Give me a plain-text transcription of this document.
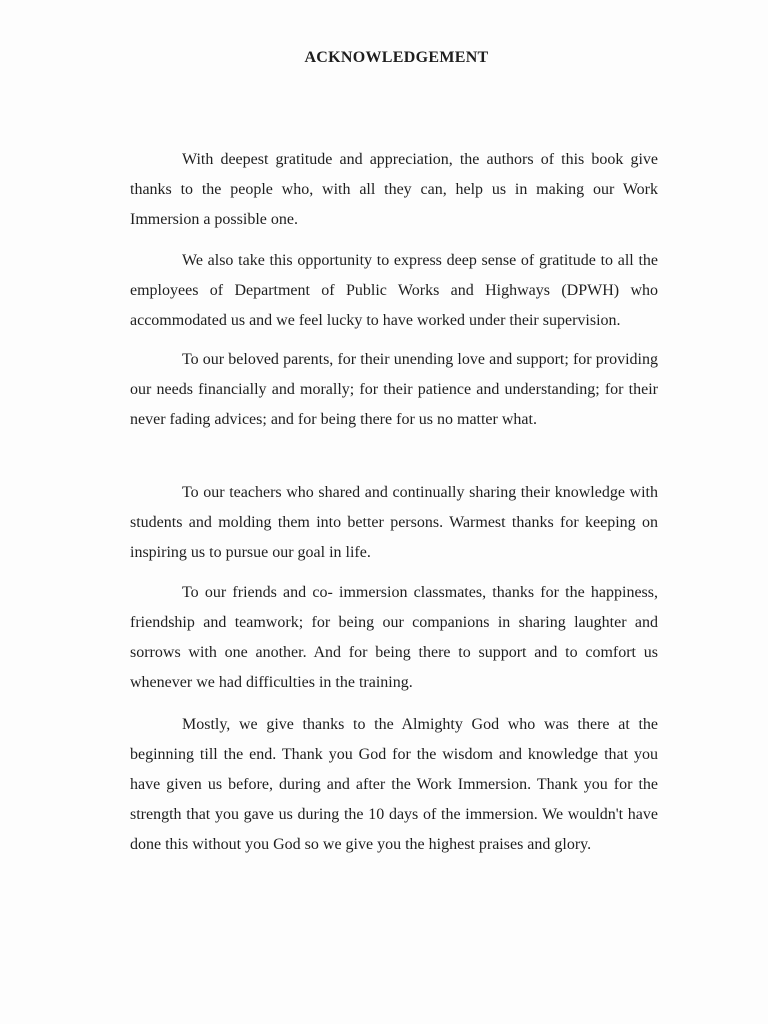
ACKNOWLEDGEMENT

With deepest gratitude and appreciation, the authors of this book give thanks to the people who, with all they can, help us in making our Work Immersion a possible one.

We also take this opportunity to express deep sense of gratitude to all the employees of Department of Public Works and Highways (DPWH) who accommodated us and we feel lucky to have worked under their supervision.

To our beloved parents, for their unending love and support; for providing our needs financially and morally; for their patience and understanding; for their never fading advices; and for being there for us no matter what.

To our teachers who shared and continually sharing their knowledge with students and molding them into better persons. Warmest thanks for keeping on inspiring us to pursue our goal in life.

To our friends and co- immersion classmates, thanks for the happiness, friendship and teamwork; for being our companions in sharing laughter and sorrows with one another. And for being there to support and to comfort us whenever we had difficulties in the training.

Mostly, we give thanks to the Almighty God who was there at the beginning till the end. Thank you God for the wisdom and knowledge that you have given us before, during and after the Work Immersion. Thank you for the strength that you gave us during the 10 days of the immersion. We wouldn't have done this without you God so we give you the highest praises and glory.
